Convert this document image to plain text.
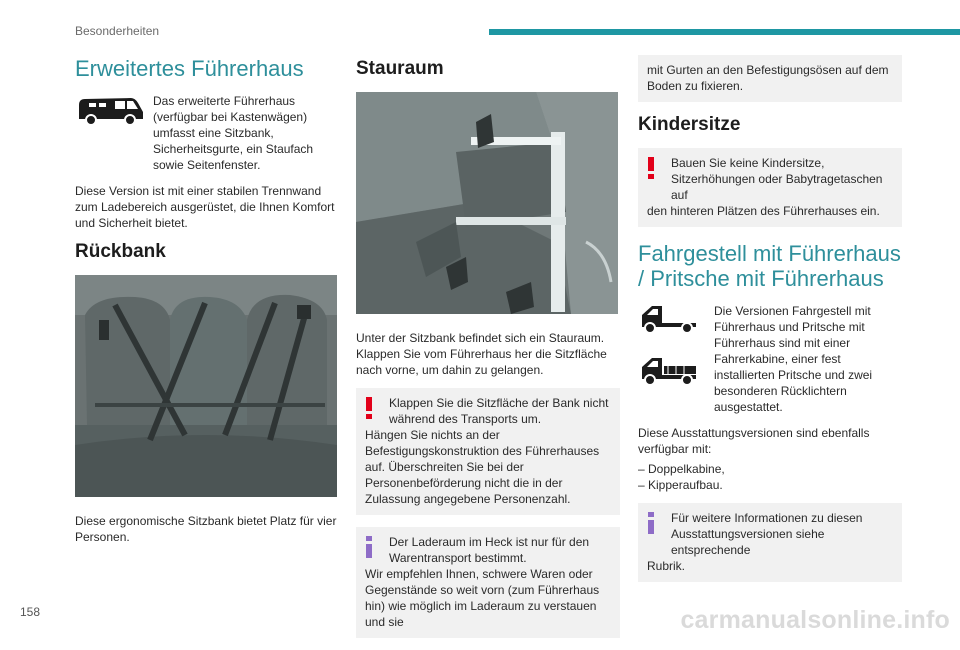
Besonderheiten
Erweitertes Führerhaus
Das erweiterte Führerhaus (verfügbar bei Kastenwägen) umfasst eine Sitzbank, Sicherheitsgurte, ein Staufach sowie Seitenfenster.

Diese Version ist mit einer stabilen Trennwand zum Ladebereich ausgerüstet, die Ihnen Komfort und Sicherheit bietet.

Rückbank

Diese ergonomische Sitzbank bietet Platz für vier Personen.

Stauraum

Unter der Sitzbank befindet sich ein Stauraum. Klappen Sie vom Führerhaus her die Sitzfläche nach vorne, um dahin zu gelangen.

Klappen Sie die Sitzfläche der Bank nicht während des Transports um.
Hängen Sie nichts an der Befestigungskonstruktion des Führerhauses auf. Überschreiten Sie bei der Personenbeförderung nicht die in der Zulassung angegebene Personenzahl.
Der Laderaum im Heck ist nur für den Warentransport bestimmt.
Wir empfehlen Ihnen, schwere Waren oder Gegenstände so weit vorn (zum Führerhaus hin) wie möglich im Laderaum zu verstauen und sie
mit Gurten an den Befestigungsösen auf dem Boden zu fixieren.
Kindersitze
Bauen Sie keine Kindersitze, Sitzerhöhungen oder Babytragetaschen auf
den hinteren Plätzen des Führerhauses ein.
Fahrgestell mit Führerhaus / Pritsche mit Führerhaus
Die Versionen Fahrgestell mit Führerhaus und Pritsche mit Führerhaus sind mit einer Fahrerkabine, einer fest installierten Pritsche und zwei besonderen Rücklichtern ausgestattet.

Diese Ausstattungsversionen sind ebenfalls verfügbar mit:

– Doppelkabine,
– Kipperaufbau.
Für weitere Informationen zu diesen Ausstattungsversionen siehe entsprechende
Rubrik.
158	carmanualsonline.info
